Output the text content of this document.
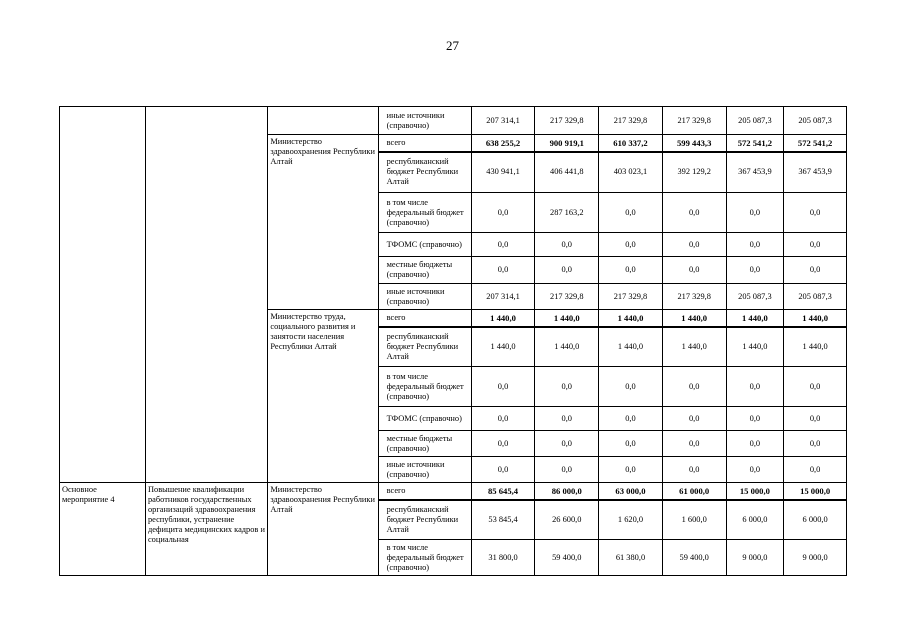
27
			иные источники (справочно)	207 314,1	217 329,8	217 329,8	217 329,8	205 087,3	205 087,3
		Министерство здравоохранения Республики Алтай	всего	638 255,2	900 919,1	610 337,2	599 443,3	572 541,2	572 541,2
			республиканский бюджет Республики Алтай	430 941,1	406 441,8	403 023,1	392 129,2	367 453,9	367 453,9
			в том числе федеральный бюджет (справочно)	0,0	287 163,2	0,0	0,0	0,0	0,0
			ТФОМС (справочно)	0,0	0,0	0,0	0,0	0,0	0,0
			местные бюджеты (справочно)	0,0	0,0	0,0	0,0	0,0	0,0
			иные источники (справочно)	207 314,1	217 329,8	217 329,8	217 329,8	205 087,3	205 087,3
		Министерство труда, социального развития и занятости населения Республики Алтай	всего	1 440,0	1 440,0	1 440,0	1 440,0	1 440,0	1 440,0
			республиканский бюджет Республики Алтай	1 440,0	1 440,0	1 440,0	1 440,0	1 440,0	1 440,0
			в том числе федеральный бюджет (справочно)	0,0	0,0	0,0	0,0	0,0	0,0
			ТФОМС (справочно)	0,0	0,0	0,0	0,0	0,0	0,0
			местные бюджеты (справочно)	0,0	0,0	0,0	0,0	0,0	0,0
			иные источники (справочно)	0,0	0,0	0,0	0,0	0,0	0,0
Основное мероприятие 4	Повышение квалификации работников государственных организаций здравоохранения республики, устранение дефицита медицинских кадров и социальная	Министерство здравоохранения Республики Алтай	всего	85 645,4	86 000,0	63 000,0	61 000,0	15 000,0	15 000,0
			республиканский бюджет Республики Алтай	53 845,4	26 600,0	1 620,0	1 600,0	6 000,0	6 000,0
			в том числе федеральный бюджет (справочно)	31 800,0	59 400,0	61 380,0	59 400,0	9 000,0	9 000,0
